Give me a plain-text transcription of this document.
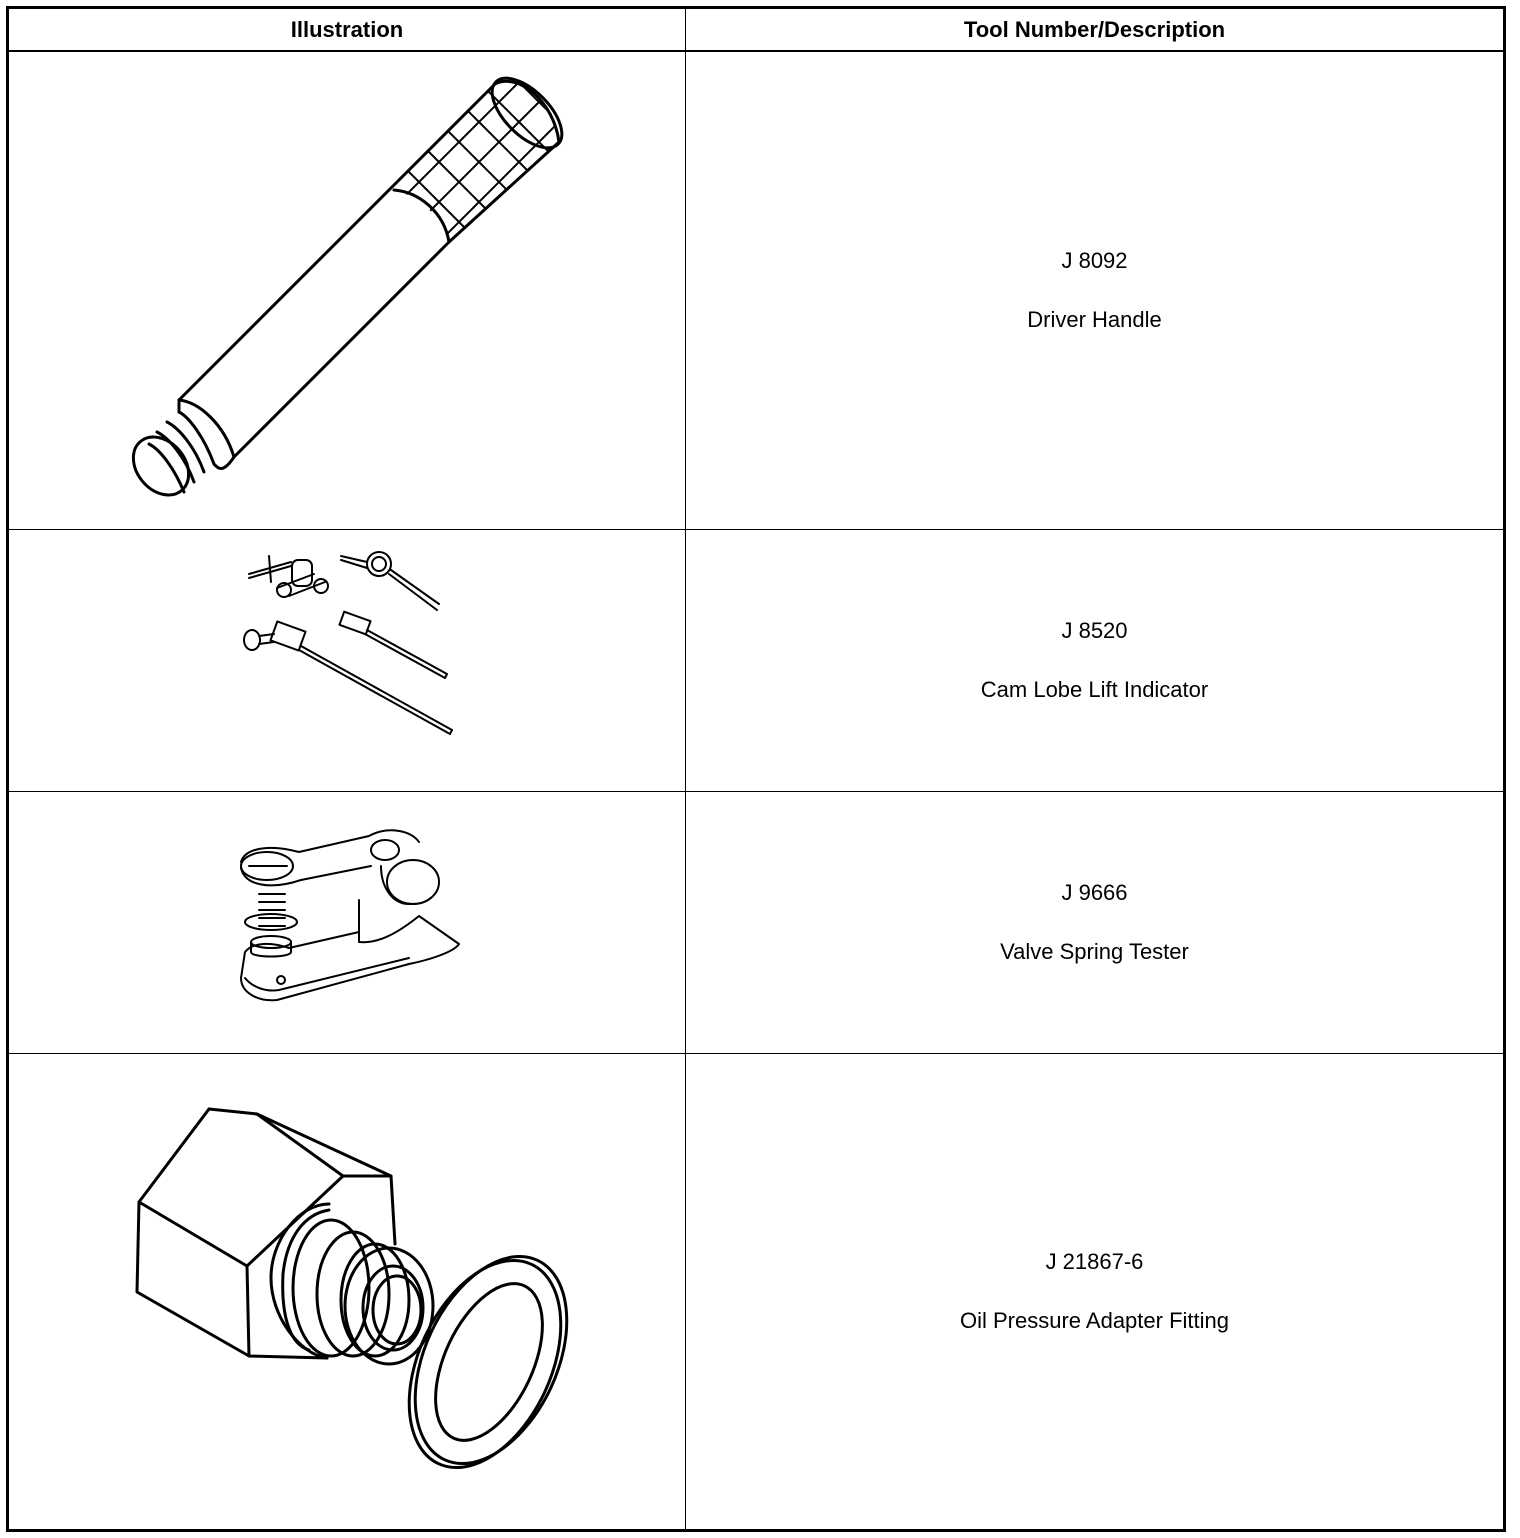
Illustration	Tool Number/Description
J 8092
Driver Handle
J 8520
Cam Lobe Lift Indicator
J 9666
Valve Spring Tester
J 21867-6
Oil Pressure Adapter Fitting
